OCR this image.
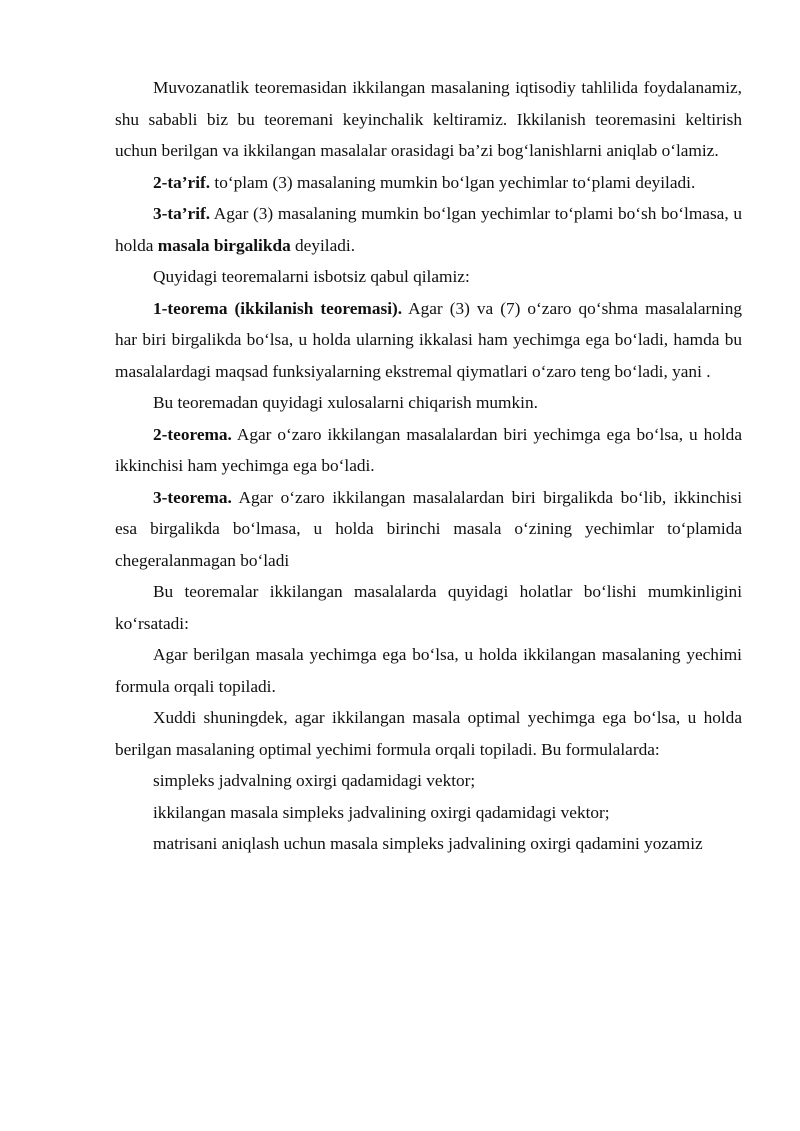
Muvozanatlik teoremasidan ikkilangan masalaning iqtisodiy tahlilida foydalanamiz, shu sababli biz bu teoremani keyinchalik keltiramiz. Ikkilanish teoremasini keltirish uchun berilgan va ikkilangan masalalar orasidagi ba’zi bog‘lanishlarni aniqlab o‘lamiz.

2-ta’rif. to‘plam (3) masalaning mumkin bo‘lgan yechimlar to‘plami deyiladi.

3-ta’rif. Agar (3) masalaning mumkin bo‘lgan yechimlar to‘plami bo‘sh bo‘lmasa, u holda masala birgalikda deyiladi.

Quyidagi teoremalarni isbotsiz qabul qilamiz:

1-teorema (ikkilanish teoremasi). Agar (3) va (7) o‘zaro qo‘shma masalalarning har biri birgalikda bo‘lsa, u holda ularning ikkalasi ham yechimga ega bo‘ladi, hamda bu masalalardagi maqsad funksiyalarning ekstremal qiymatlari o‘zaro teng bo‘ladi, yani .

Bu teoremadan quyidagi xulosalarni chiqarish mumkin.

2-teorema. Agar o‘zaro ikkilangan masalalardan biri yechimga ega bo‘lsa, u holda ikkinchisi ham yechimga ega bo‘ladi.

3-teorema. Agar o‘zaro ikkilangan masalalardan biri birgalikda bo‘lib, ikkinchisi esa birgalikda bo‘lmasa, u holda birinchi masala o‘zining yechimlar to‘plamida chegeralanmagan bo‘ladi

Bu teoremalar ikkilangan masalalarda quyidagi holatlar bo‘lishi mumkinligini ko‘rsatadi:

Agar berilgan masala yechimga ega bo‘lsa, u holda ikkilangan masalaning yechimi formula orqali topiladi.

Xuddi shuningdek, agar ikkilangan masala optimal yechimga ega bo‘lsa, u holda berilgan masalaning optimal yechimi formula orqali topiladi. Bu formulalarda:

simpleks jadvalning oxirgi qadamidagi vektor;

ikkilangan masala simpleks jadvalining oxirgi qadamidagi vektor;

matrisani aniqlash uchun masala simpleks jadvalining oxirgi qadamini yozamiz
